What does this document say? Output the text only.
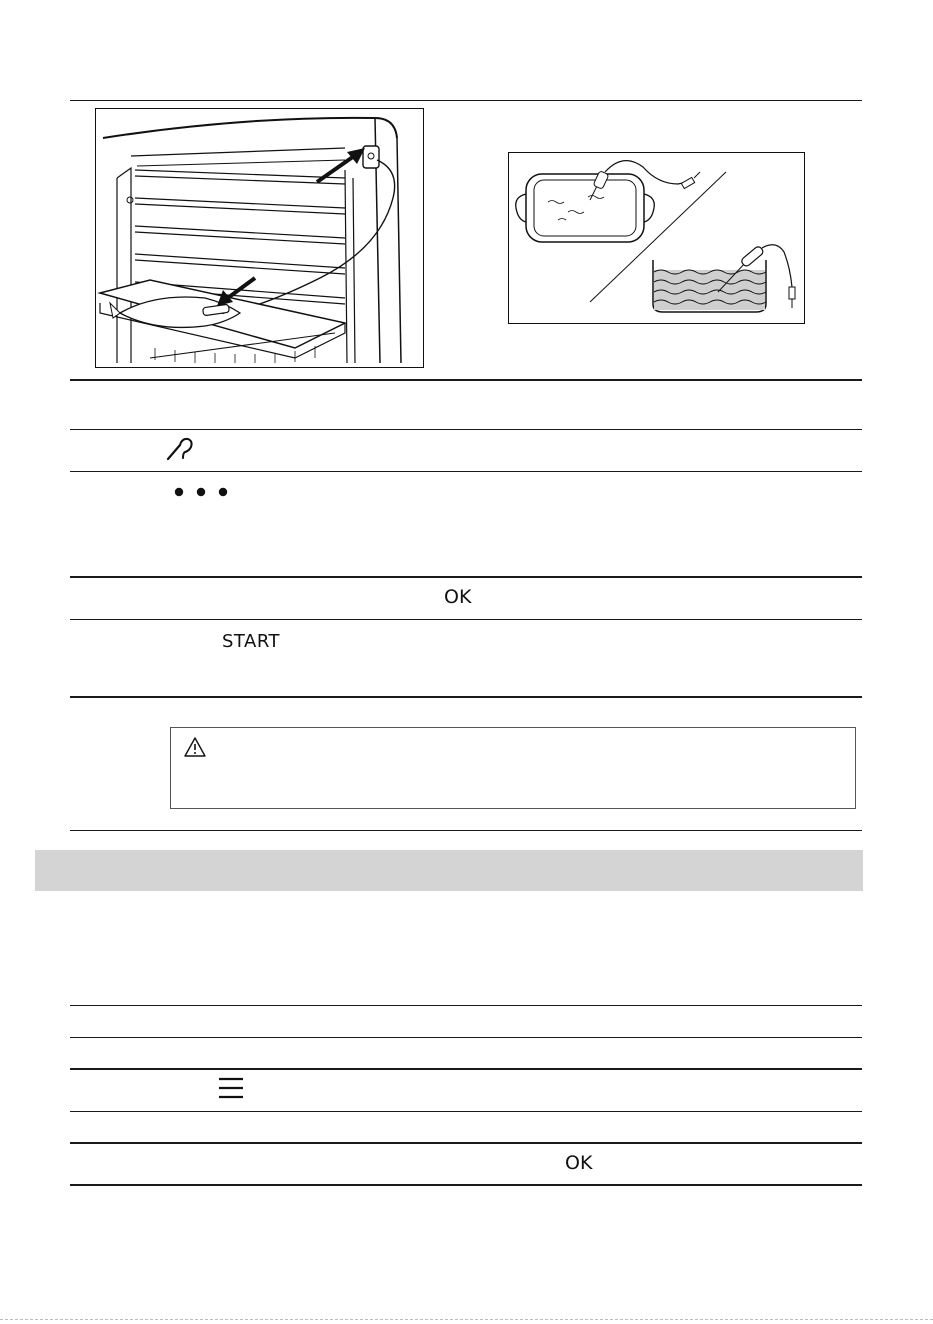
OK
START
OK
